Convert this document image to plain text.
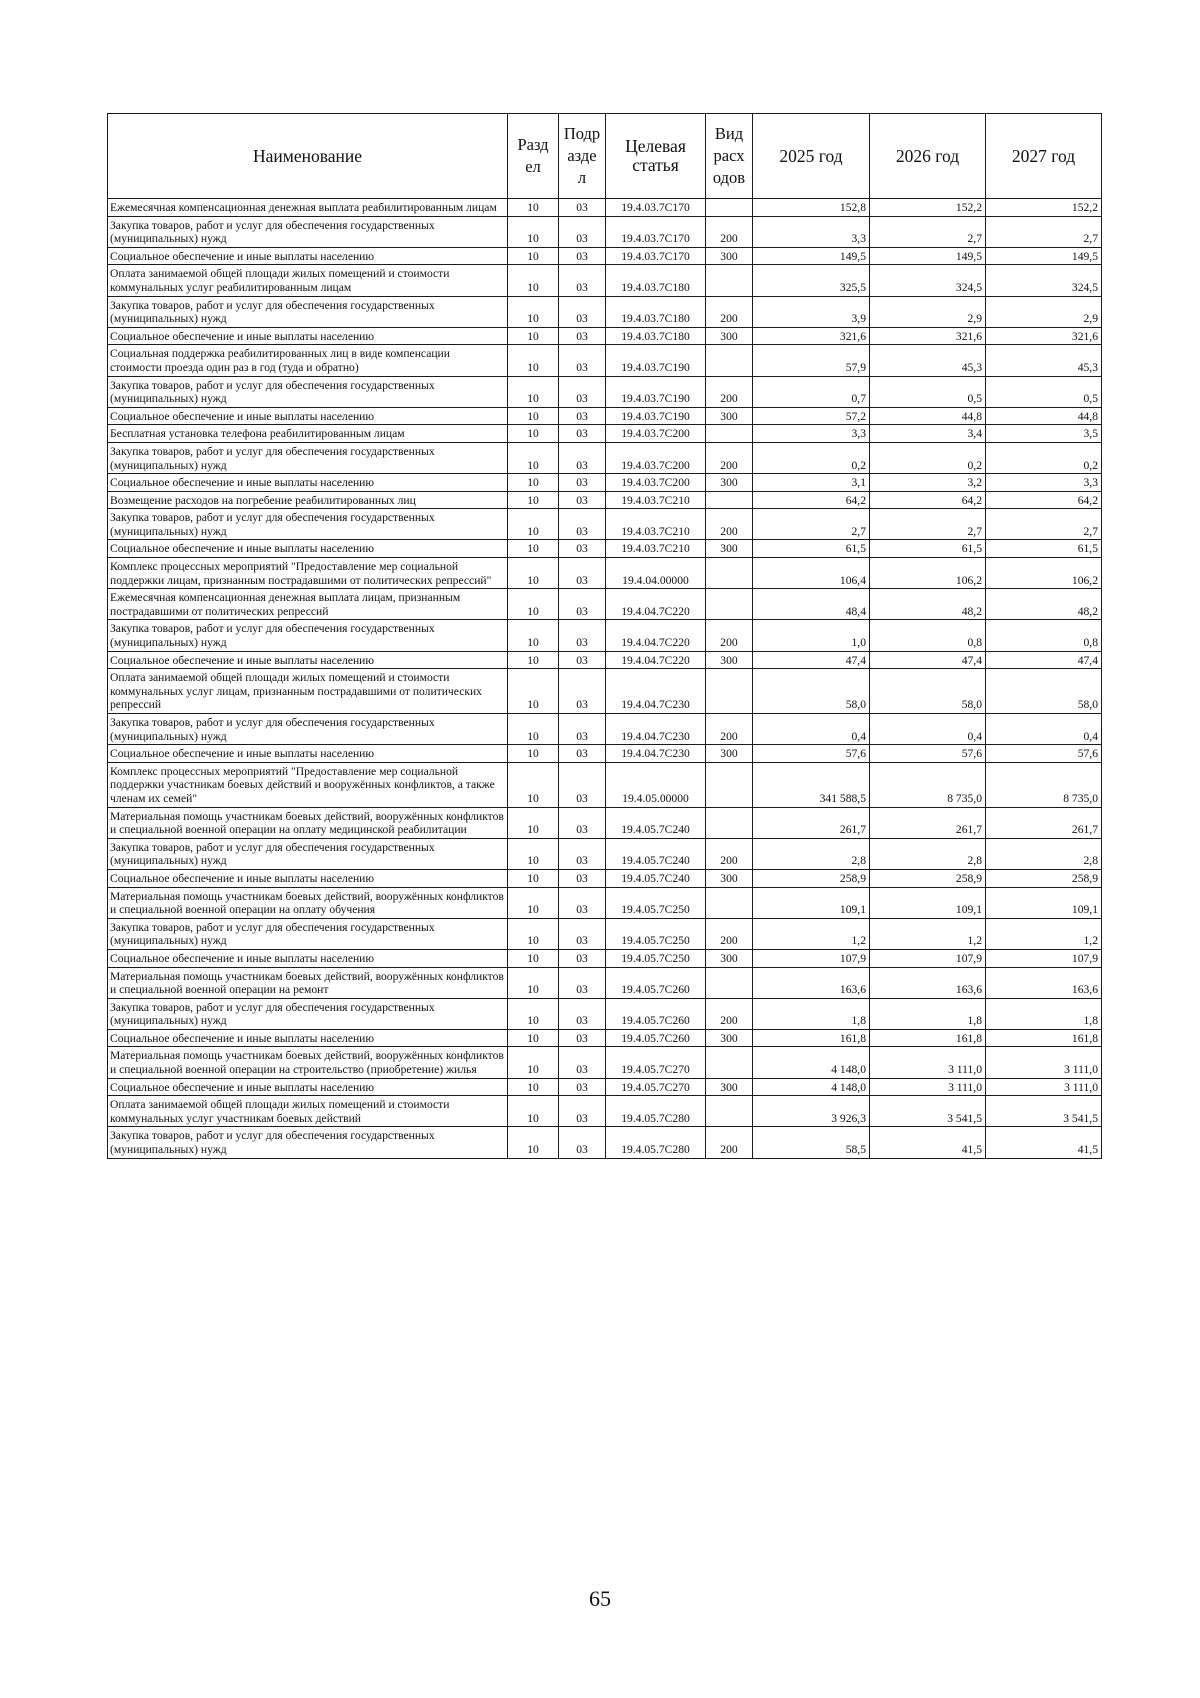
Наименование	Разд ел	Подр азде л	Целевая статья	Вид расх одов	2025 год	2026 год	2027 год
Ежемесячная компенсационная денежная выплата реабилитированным лицам	10	03	19.4.03.7С170		152,8	152,2	152,2
Закупка товаров, работ и услуг для обеспечения государственных (муниципальных) нужд	10	03	19.4.03.7С170	200	3,3	2,7	2,7
Социальное обеспечение и иные выплаты населению	10	03	19.4.03.7С170	300	149,5	149,5	149,5
Оплата занимаемой общей площади жилых помещений и стоимости коммунальных услуг реабилитированным лицам	10	03	19.4.03.7С180		325,5	324,5	324,5
Закупка товаров, работ и услуг для обеспечения государственных (муниципальных) нужд	10	03	19.4.03.7С180	200	3,9	2,9	2,9
Социальное обеспечение и иные выплаты населению	10	03	19.4.03.7С180	300	321,6	321,6	321,6
Социальная поддержка реабилитированных лиц в виде компенсации стоимости проезда один раз в год (туда и обратно)	10	03	19.4.03.7С190		57,9	45,3	45,3
Закупка товаров, работ и услуг для обеспечения государственных (муниципальных) нужд	10	03	19.4.03.7С190	200	0,7	0,5	0,5
Социальное обеспечение и иные выплаты населению	10	03	19.4.03.7С190	300	57,2	44,8	44,8
Бесплатная установка телефона реабилитированным лицам	10	03	19.4.03.7С200		3,3	3,4	3,5
Закупка товаров, работ и услуг для обеспечения государственных (муниципальных) нужд	10	03	19.4.03.7С200	200	0,2	0,2	0,2
Социальное обеспечение и иные выплаты населению	10	03	19.4.03.7С200	300	3,1	3,2	3,3
Возмещение расходов на погребение реабилитированных лиц	10	03	19.4.03.7С210		64,2	64,2	64,2
Закупка товаров, работ и услуг для обеспечения государственных (муниципальных) нужд	10	03	19.4.03.7С210	200	2,7	2,7	2,7
Социальное обеспечение и иные выплаты населению	10	03	19.4.03.7С210	300	61,5	61,5	61,5
Комплекс процессных мероприятий "Предоставление мер социальной поддержки лицам, признанным пострадавшими от политических репрессий"	10	03	19.4.04.00000		106,4	106,2	106,2
Ежемесячная компенсационная денежная выплата лицам, признанным пострадавшими от политических репрессий	10	03	19.4.04.7С220		48,4	48,2	48,2
Закупка товаров, работ и услуг для обеспечения государственных (муниципальных) нужд	10	03	19.4.04.7С220	200	1,0	0,8	0,8
Социальное обеспечение и иные выплаты населению	10	03	19.4.04.7С220	300	47,4	47,4	47,4
Оплата занимаемой общей площади жилых помещений и стоимости коммунальных услуг лицам, признанным пострадавшими от политических репрессий	10	03	19.4.04.7С230		58,0	58,0	58,0
Закупка товаров, работ и услуг для обеспечения государственных (муниципальных) нужд	10	03	19.4.04.7С230	200	0,4	0,4	0,4
Социальное обеспечение и иные выплаты населению	10	03	19.4.04.7С230	300	57,6	57,6	57,6
Комплекс процессных мероприятий "Предоставление мер социальной поддержки участникам боевых действий и вооружённых конфликтов, а также членам их семей"	10	03	19.4.05.00000		341 588,5	8 735,0	8 735,0
Материальная помощь участникам боевых действий, вооружённых конфликтов и специальной военной операции на оплату медицинской реабилитации	10	03	19.4.05.7С240		261,7	261,7	261,7
Закупка товаров, работ и услуг для обеспечения государственных (муниципальных) нужд	10	03	19.4.05.7С240	200	2,8	2,8	2,8
Социальное обеспечение и иные выплаты населению	10	03	19.4.05.7С240	300	258,9	258,9	258,9
Материальная помощь участникам боевых действий, вооружённых конфликтов и специальной военной операции на оплату обучения	10	03	19.4.05.7С250		109,1	109,1	109,1
Закупка товаров, работ и услуг для обеспечения государственных (муниципальных) нужд	10	03	19.4.05.7С250	200	1,2	1,2	1,2
Социальное обеспечение и иные выплаты населению	10	03	19.4.05.7С250	300	107,9	107,9	107,9
Материальная помощь участникам боевых действий, вооружённых конфликтов и специальной военной операции на ремонт	10	03	19.4.05.7С260		163,6	163,6	163,6
Закупка товаров, работ и услуг для обеспечения государственных (муниципальных) нужд	10	03	19.4.05.7С260	200	1,8	1,8	1,8
Социальное обеспечение и иные выплаты населению	10	03	19.4.05.7С260	300	161,8	161,8	161,8
Материальная помощь участникам боевых действий, вооружённых конфликтов и специальной военной операции на строительство (приобретение) жилья	10	03	19.4.05.7С270		4 148,0	3 111,0	3 111,0
Социальное обеспечение и иные выплаты населению	10	03	19.4.05.7С270	300	4 148,0	3 111,0	3 111,0
Оплата занимаемой общей площади жилых помещений и стоимости коммунальных услуг участникам боевых действий	10	03	19.4.05.7С280		3 926,3	3 541,5	3 541,5
Закупка товаров, работ и услуг для обеспечения государственных (муниципальных) нужд	10	03	19.4.05.7С280	200	58,5	41,5	41,5
65
